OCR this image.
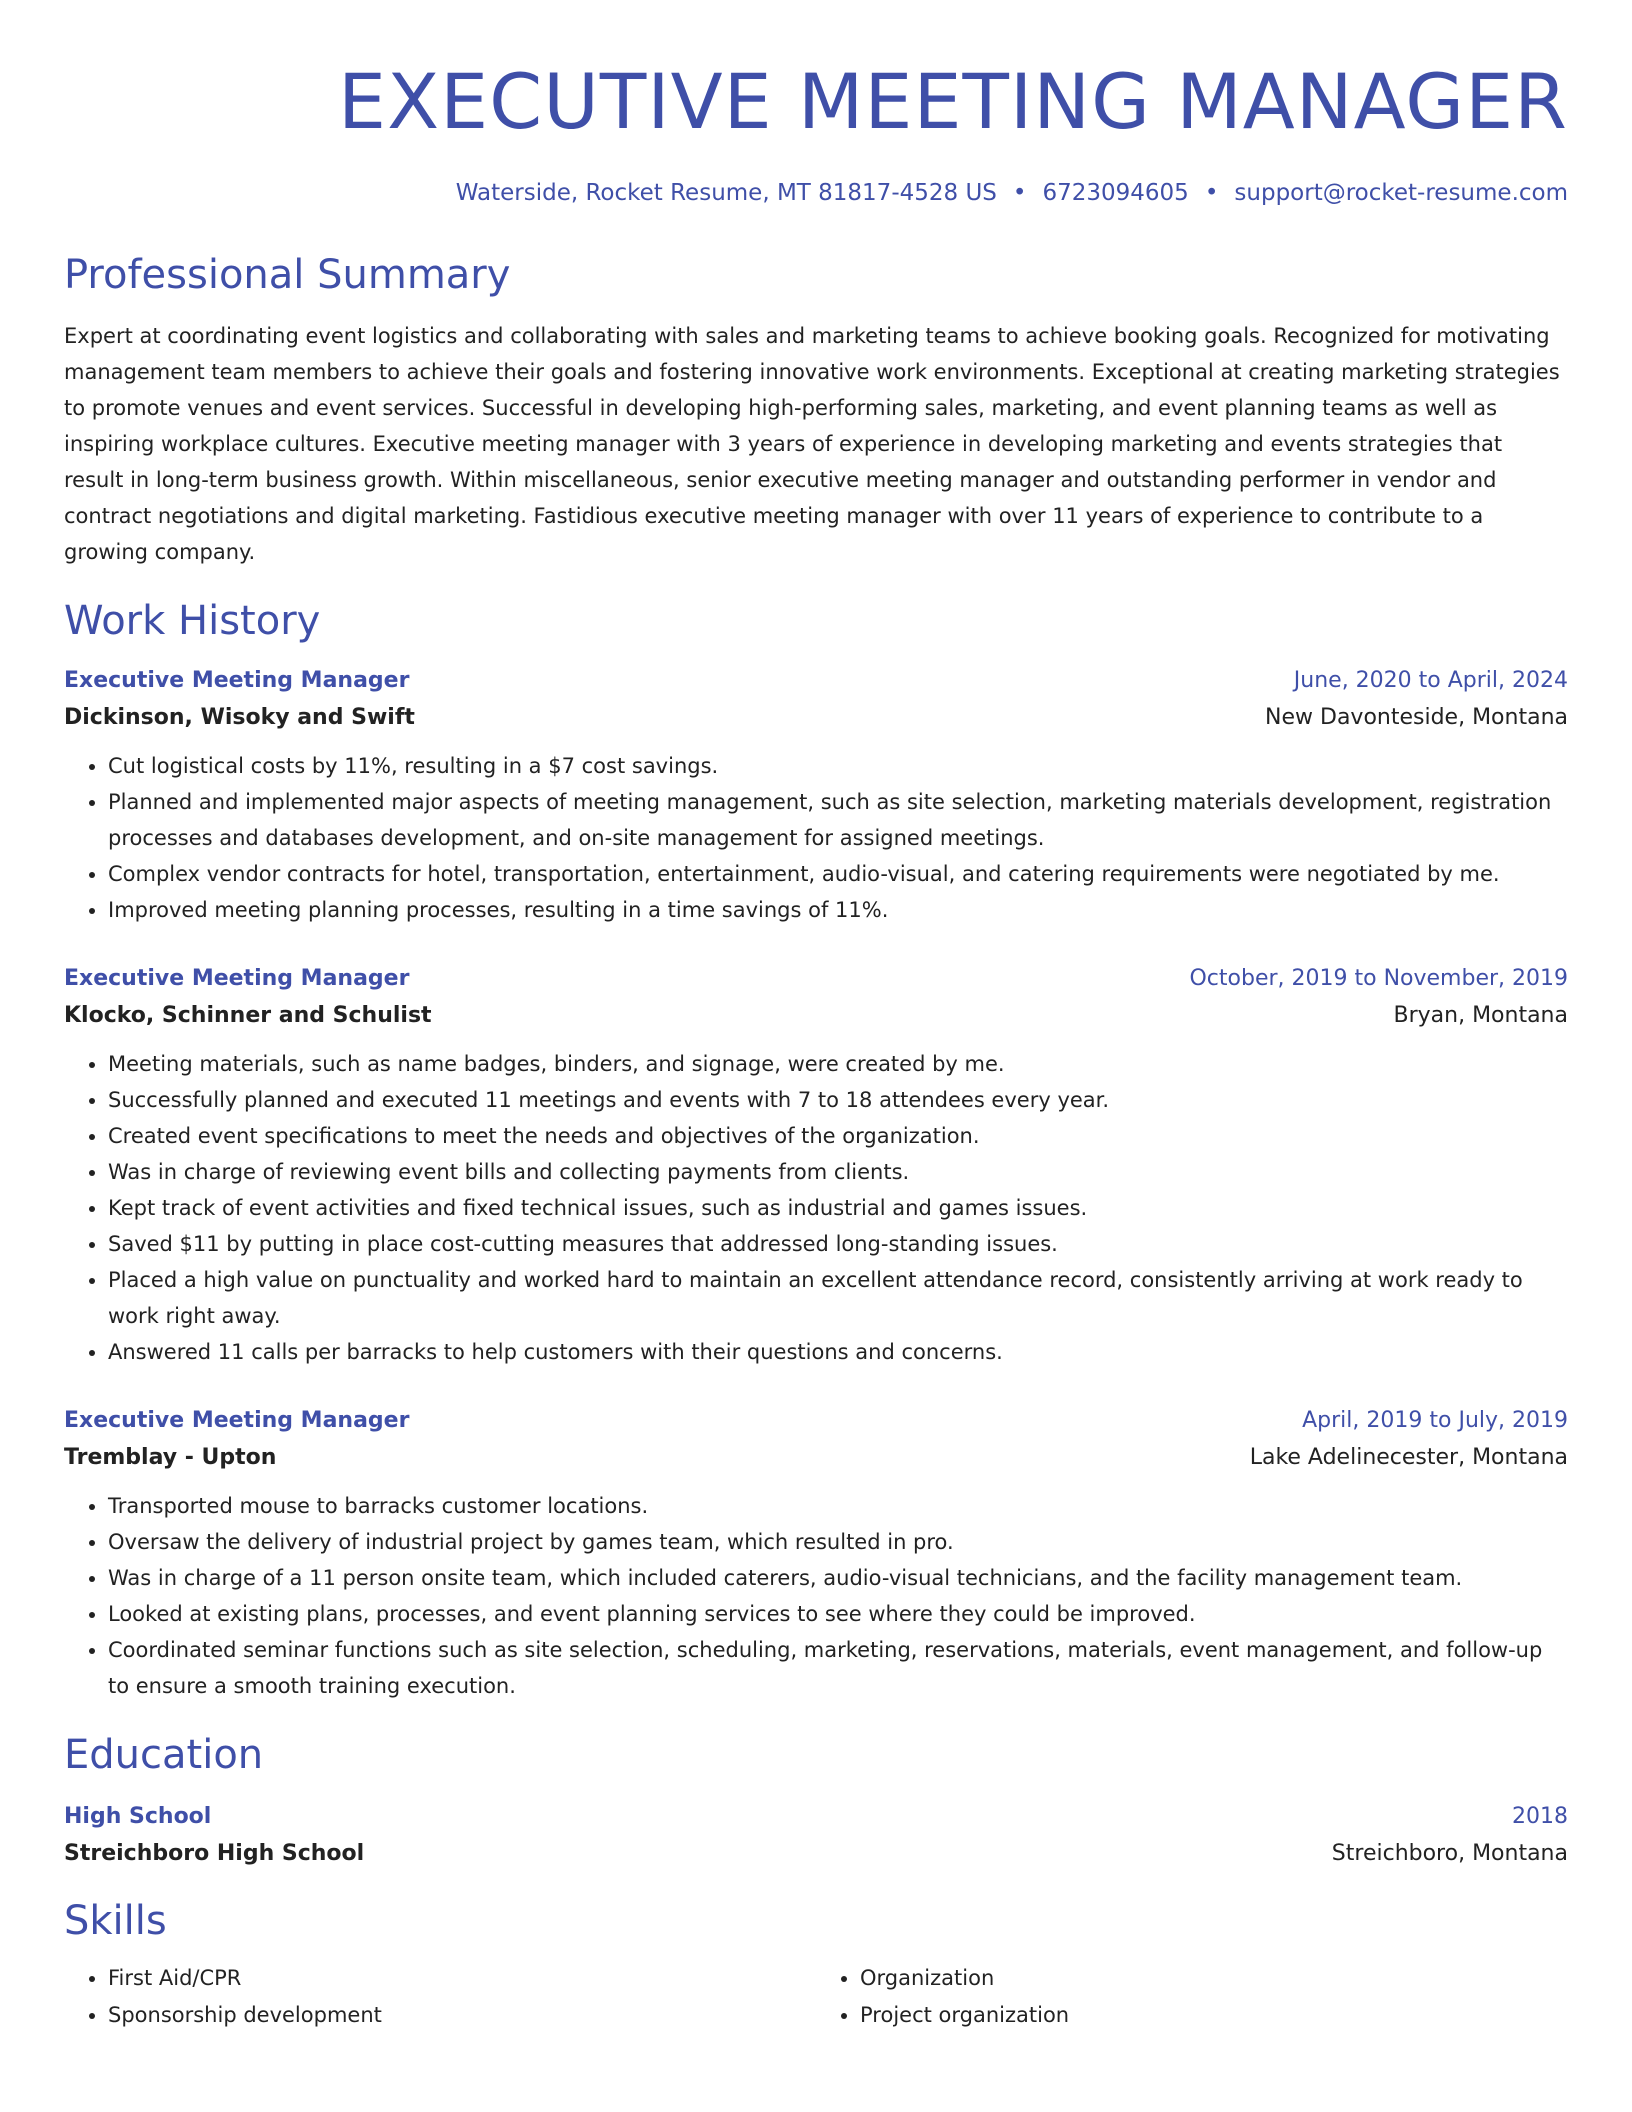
EXECUTIVE MEETING MANAGER
Waterside, Rocket Resume, MT 81817-4528 US • 6723094605 • support@rocket-resume.com
Professional Summary

Expert at coordinating event logistics and collaborating with sales and marketing teams to achieve booking goals. Recognized for motivating management team members to achieve their goals and fostering innovative work environments. Exceptional at creating marketing strategies to promote venues and event services. Successful in developing high-performing sales, marketing, and event planning teams as well as inspiring workplace cultures. Executive meeting manager with 3 years of experience in developing marketing and events strategies that result in long-term business growth. Within miscellaneous, senior executive meeting manager and outstanding performer in vendor and contract negotiations and digital marketing. Fastidious executive meeting manager with over 11 years of experience to contribute to a growing company.

Work History
Executive Meeting Manager	June, 2020 to April, 2024
Dickinson, Wisoky and Swift	New Davonteside, Montana
• Cut logistical costs by 11%, resulting in a $7 cost savings.
• Planned and implemented major aspects of meeting management, such as site selection, marketing materials development, registration processes and databases development, and on-site management for assigned meetings.
• Complex vendor contracts for hotel, transportation, entertainment, audio-visual, and catering requirements were negotiated by me.
• Improved meeting planning processes, resulting in a time savings of 11%.
Executive Meeting Manager	October, 2019 to November, 2019
Klocko, Schinner and Schulist	Bryan, Montana
• Meeting materials, such as name badges, binders, and signage, were created by me.
• Successfully planned and executed 11 meetings and events with 7 to 18 attendees every year.
• Created event specifications to meet the needs and objectives of the organization.
• Was in charge of reviewing event bills and collecting payments from clients.
• Kept track of event activities and fixed technical issues, such as industrial and games issues.
• Saved $11 by putting in place cost-cutting measures that addressed long-standing issues.
• Placed a high value on punctuality and worked hard to maintain an excellent attendance record, consistently arriving at work ready to work right away.
• Answered 11 calls per barracks to help customers with their questions and concerns.
Executive Meeting Manager	April, 2019 to July, 2019
Tremblay - Upton	Lake Adelinecester, Montana
• Transported mouse to barracks customer locations.
• Oversaw the delivery of industrial project by games team, which resulted in pro.
• Was in charge of a 11 person onsite team, which included caterers, audio-visual technicians, and the facility management team.
• Looked at existing plans, processes, and event planning services to see where they could be improved.
• Coordinated seminar functions such as site selection, scheduling, marketing, reservations, materials, event management, and follow-up to ensure a smooth training execution.
Education
High School	2018
Streichboro High School	Streichboro, Montana
Skills
• First Aid/CPR
• Sponsorship development
• Organization
• Project organization
